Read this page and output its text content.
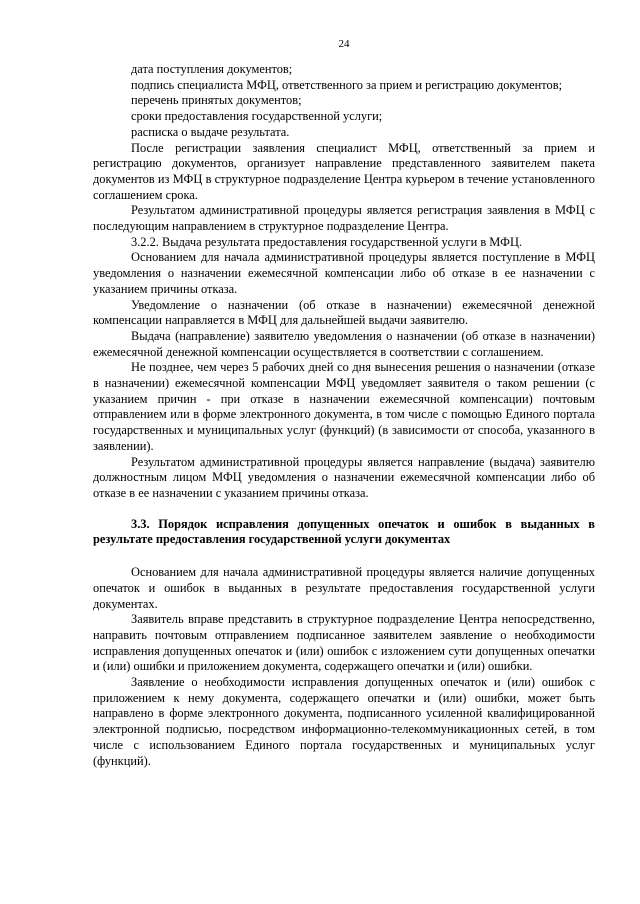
24

дата поступления документов;

подпись специалиста МФЦ, ответственного за прием и регистрацию документов;

перечень принятых документов;

сроки предоставления государственной услуги;

расписка о выдаче результата.

После регистрации заявления специалист МФЦ, ответственный за прием и регистрацию документов, организует направление представленного заявителем пакета документов из МФЦ в структурное подразделение Центра курьером в течение установленного соглашением срока.

Результатом административной процедуры является регистрация заявления в МФЦ с последующим направлением в структурное подразделение Центра.

3.2.2. Выдача результата предоставления государственной услуги в МФЦ.

Основанием для начала административной процедуры является поступление в МФЦ уведомления о назначении ежемесячной компенсации либо об отказе в ее назначении с указанием причины отказа.

Уведомление о назначении (об отказе в назначении) ежемесячной денежной компенсации направляется в МФЦ для дальнейшей выдачи заявителю.

Выдача (направление) заявителю уведомления о назначении (об отказе в назначении) ежемесячной денежной компенсации осуществляется в соответствии с соглашением.

Не позднее, чем через 5 рабочих дней со дня вынесения решения о назначении (отказе в назначении) ежемесячной компенсации МФЦ уведомляет заявителя о таком решении (с указанием причин - при отказе в назначении ежемесячной компенсации) почтовым отправлением или в форме электронного документа, в том числе с помощью Единого портала государственных и муниципальных услуг (функций) (в зависимости от способа, указанного в заявлении).

Результатом административной процедуры является направление (выдача) заявителю должностным лицом МФЦ уведомления о назначении ежемесячной компенсации либо об отказе в ее назначении с указанием причины отказа.

3.3. Порядок исправления допущенных опечаток и ошибок в выданных в результате предоставления государственной услуги документах

Основанием для начала административной процедуры является наличие допущенных опечаток и ошибок в выданных в результате предоставления государственной услуги документах.

Заявитель вправе представить в структурное подразделение Центра непосредственно, направить почтовым отправлением подписанное заявителем заявление о необходимости исправления допущенных опечаток и (или) ошибок с изложением сути допущенных опечатки и (или) ошибки и приложением документа, содержащего опечатки и (или) ошибки.

Заявление о необходимости исправления допущенных опечаток и (или) ошибок с приложением к нему документа, содержащего опечатки и (или) ошибки, может быть направлено в форме электронного документа, подписанного усиленной квалифицированной электронной подписью, посредством информационно-телекоммуникационных сетей, в том числе с использованием Единого портала государственных и муниципальных услуг (функций).
